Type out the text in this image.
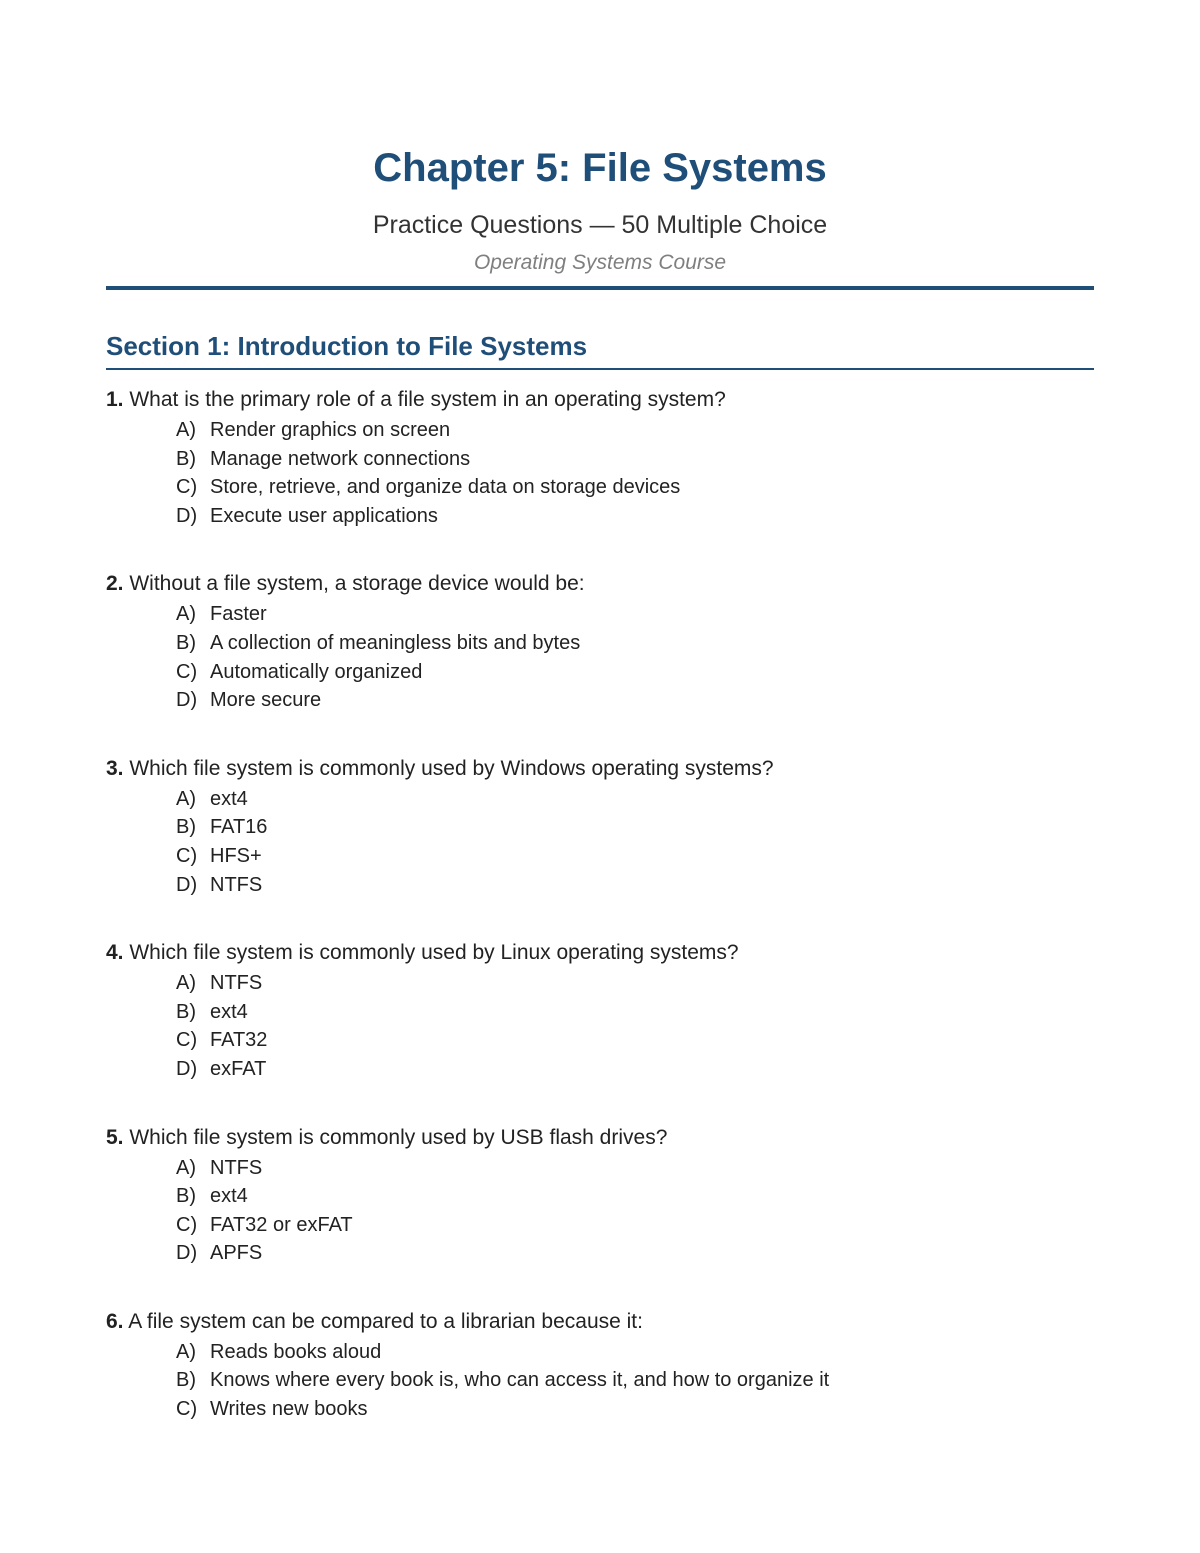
Chapter 5: File Systems
Practice Questions — 50 Multiple Choice
Operating Systems Course
Section 1: Introduction to File Systems
1. What is the primary role of a file system in an operating system?
A) Render graphics on screen
B) Manage network connections
C) Store, retrieve, and organize data on storage devices
D) Execute user applications
2. Without a file system, a storage device would be:
A) Faster
B) A collection of meaningless bits and bytes
C) Automatically organized
D) More secure
3. Which file system is commonly used by Windows operating systems?
A) ext4
B) FAT16
C) HFS+
D) NTFS
4. Which file system is commonly used by Linux operating systems?
A) NTFS
B) ext4
C) FAT32
D) exFAT
5. Which file system is commonly used by USB flash drives?
A) NTFS
B) ext4
C) FAT32 or exFAT
D) APFS
6. A file system can be compared to a librarian because it:
A) Reads books aloud
B) Knows where every book is, who can access it, and how to organize it
C) Writes new books
